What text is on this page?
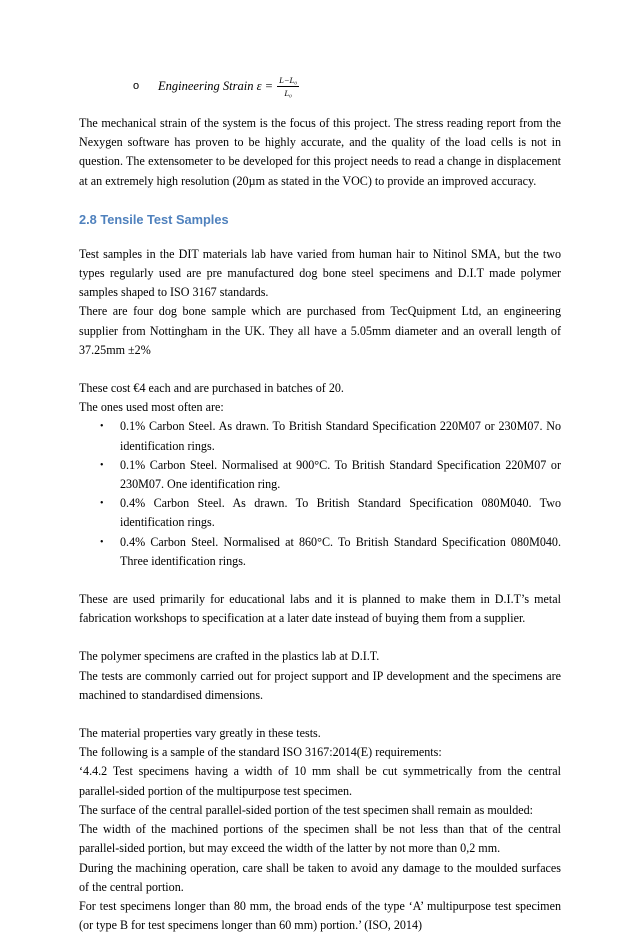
o	Engineering Strain $\varepsilon = \frac{\text{L−L₀}}{\text{L₀}}$

The mechanical strain of the system is the focus of this project. The stress reading report from the Nexygen software has proven to be highly accurate, and the quality of the load cells is not in question. The extensometer to be developed for this project needs to read a change in displacement at an extremely high resolution (20µm as stated in the VOC) to provide an improved accuracy.

2.8 Tensile Test Samples

Test samples in the DIT materials lab have varied from human hair to Nitinol SMA, but the two types regularly used are pre manufactured dog bone steel specimens and D.I.T made polymer samples shaped to ISO 3167 standards.

There are four dog bone sample which are purchased from TecQuipment Ltd, an engineering supplier from Nottingham in the UK. They all have a 5.05mm diameter and an overall length of 37.25mm ±2%

These cost €4 each and are purchased in batches of 20.

The ones used most often are:

• 0.1% Carbon Steel. As drawn. To British Standard Specification 220M07 or 230M07. No identification rings.
• 0.1% Carbon Steel. Normalised at 900°C. To British Standard Specification 220M07 or 230M07. One identification ring.
• 0.4% Carbon Steel. As drawn. To British Standard Specification 080M040. Two identification rings.
• 0.4% Carbon Steel. Normalised at 860°C. To British Standard Specification 080M040. Three identification rings.

These are used primarily for educational labs and it is planned to make them in D.I.T’s metal fabrication workshops to specification at a later date instead of buying them from a supplier.

The polymer specimens are crafted in the plastics lab at D.I.T.

The tests are commonly carried out for project support and IP development and the specimens are machined to standardised dimensions.

The material properties vary greatly in these tests.

The following is a sample of the standard ISO 3167:2014(E) requirements:

‘4.4.2 Test specimens having a width of 10 mm shall be cut symmetrically from the central parallel-sided portion of the multipurpose test specimen.

The surface of the central parallel-sided portion of the test specimen shall remain as moulded:

The width of the machined portions of the specimen shall be not less than that of the central parallel-sided portion, but may exceed the width of the latter by not more than 0,2 mm.

During the machining operation, care shall be taken to avoid any damage to the moulded surfaces of the central portion.

For test specimens longer than 80 mm, the broad ends of the type ‘A’ multipurpose test specimen (or type B for test specimens longer than 60 mm) portion.’ (ISO, 2014)
